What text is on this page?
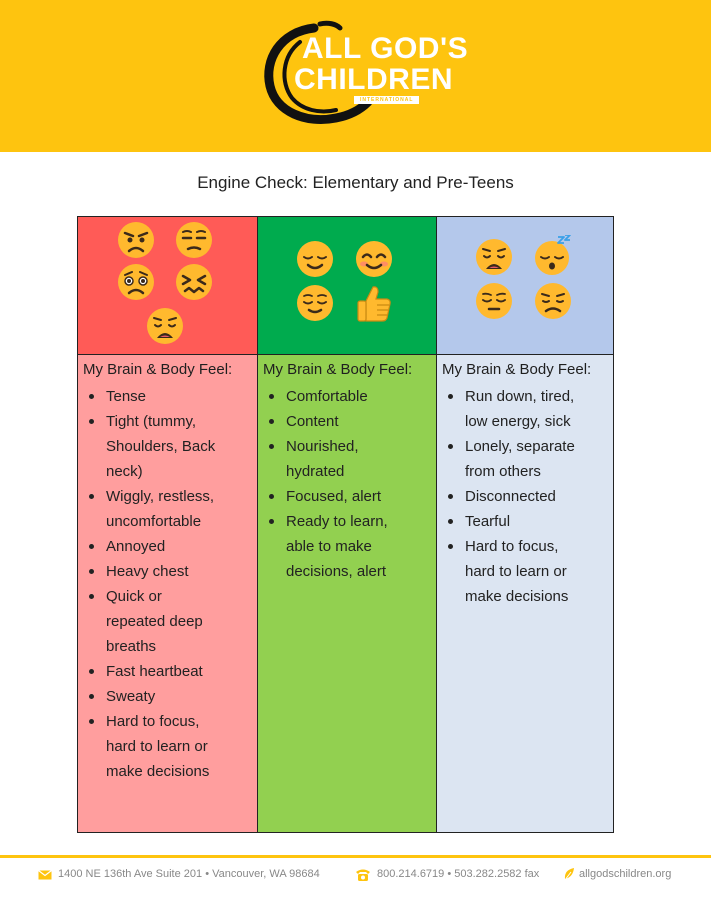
ALL GOD'S
CHILDREN
INTERNATIONAL
Engine Check: Elementary and Pre-Teens
My Brain & Body Feel:
Tense
Tight (tummy,
Shoulders, Back
neck)
Wiggly, restless,
uncomfortable
Annoyed
Heavy chest
Quick or
repeated deep
breaths
Fast heartbeat
Sweaty
Hard to focus,
hard to learn or
make decisions
My Brain & Body Feel:
Comfortable
Content
Nourished,
hydrated
Focused, alert
Ready to learn,
able to make
decisions, alert
My Brain & Body Feel:
Run down, tired,
low energy, sick
Lonely, separate
from others
Disconnected
Tearful
Hard to focus,
hard to learn or
make decisions
1400 NE 136th Ave Suite 201 • Vancouver, WA 98684	800.214.6719 • 503.282.2582 fax	allgodschildren.org
